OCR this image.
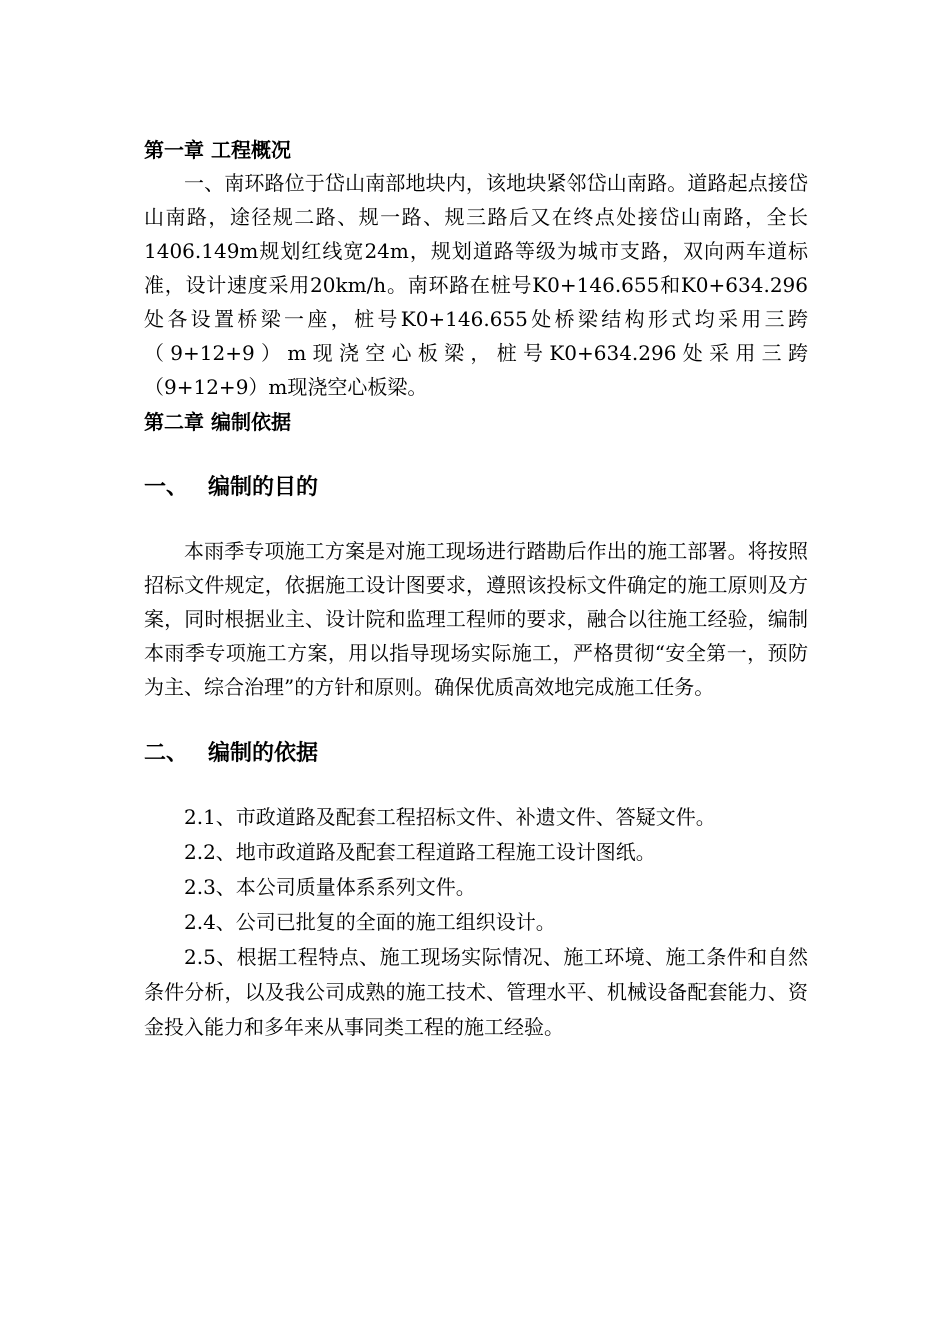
第一章 工程概况

一、南环路位于岱山南部地块内，该地块紧邻岱山南路。道路起点接岱山南路，途径规二路、规一路、规三路后又在终点处接岱山南路，全长1406.149m规划红线宽24m，规划道路等级为城市支路，双向两车道标准，设计速度采用20km/h。南环路在桩号K0+146.655和K0+634.296处各设置桥梁一座，桩号K0+146.655处桥梁结构形式均采用三跨（9+12+9）m现浇空心板梁，桩号K0+634.296处采用三跨（9+12+9）m现浇空心板梁。

第二章 编制依据

一、 编制的目的

本雨季专项施工方案是对施工现场进行踏勘后作出的施工部署。将按照招标文件规定，依据施工设计图要求，遵照该投标文件确定的施工原则及方案，同时根据业主、设计院和监理工程师的要求，融合以往施工经验，编制本雨季专项施工方案，用以指导现场实际施工，严格贯彻“安全第一，预防为主、综合治理”的方针和原则。确保优质高效地完成施工任务。

二、 编制的依据

2.1、市政道路及配套工程招标文件、补遗文件、答疑文件。

2.2、地市政道路及配套工程道路工程施工设计图纸。

2.3、本公司质量体系系列文件。

2.4、公司已批复的全面的施工组织设计。

2.5、根据工程特点、施工现场实际情况、施工环境、施工条件和自然条件分析，以及我公司成熟的施工技术、管理水平、机械设备配套能力、资金投入能力和多年来从事同类工程的施工经验。
